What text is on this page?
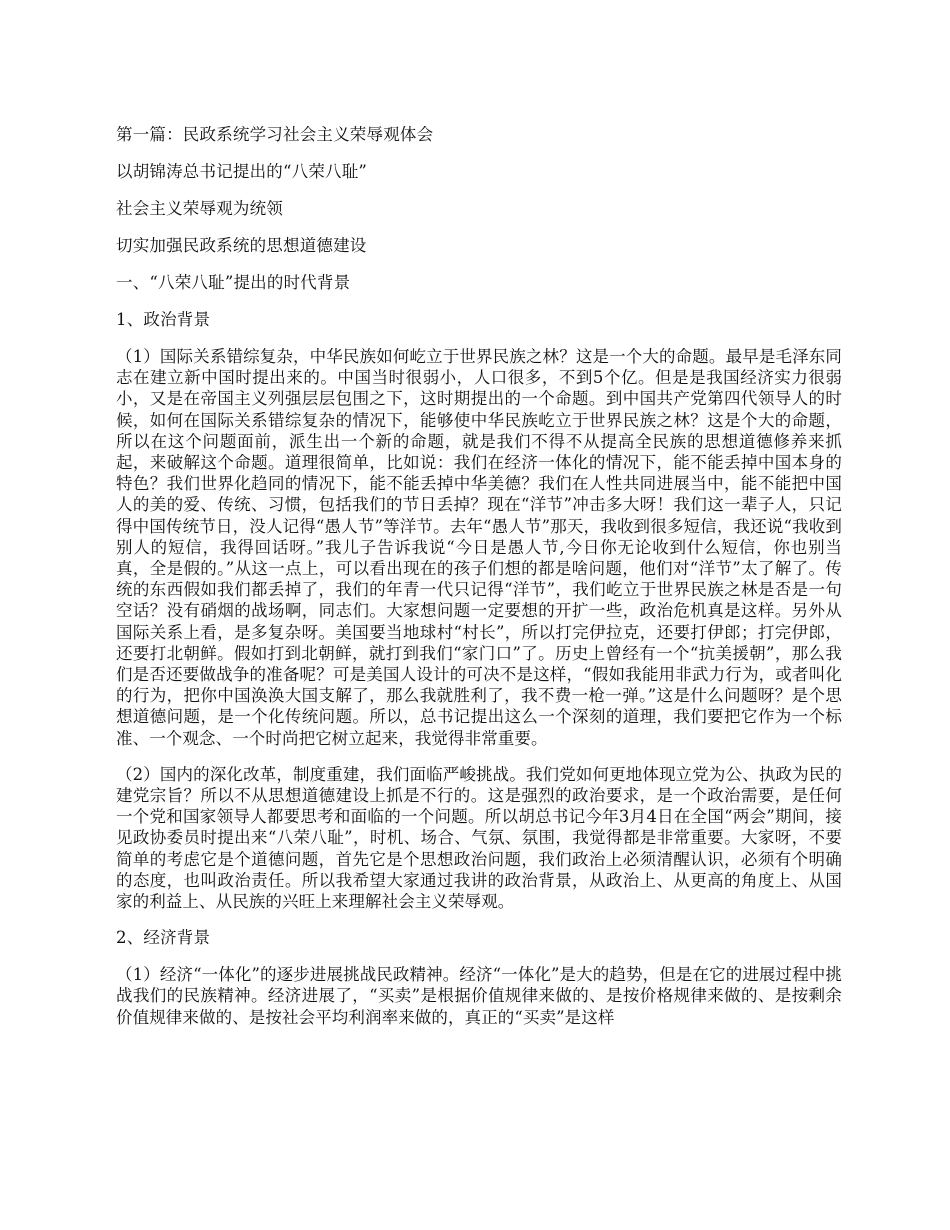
第一篇：民政系统学习社会主义荣辱观体会
以胡锦涛总书记提出的“八荣八耻”
社会主义荣辱观为统领
切实加强民政系统的思想道德建设
一、“八荣八耻”提出的时代背景
1、政治背景

（1）国际关系错综复杂，中华民族如何屹立于世界民族之林？这是一个大的命题。最早是毛泽东同志在建立新中国时提出来的。中国当时很弱小，人口很多，不到5个亿。但是是我国经济实力很弱小，又是在帝国主义列强层层包围之下，这时期提出的一个命题。到中国共产党第四代领导人的时候，如何在国际关系错综复杂的情况下，能够使中华民族屹立于世界民族之林？这是个大的命题，所以在这个问题面前，派生出一个新的命题，就是我们不得不从提高全民族的思想道德修养来抓起，来破解这个命题。道理很简单，比如说：我们在经济一体化的情况下，能不能丢掉中国本身的特色？我们世界化趋同的情况下，能不能丢掉中华美德？我们在人性共同进展当中，能不能把中国人的美的爱、传统、习惯，包括我们的节日丢掉？现在“洋节”冲击多大呀！我们这一辈子人，只记得中国传统节日，没人记得“愚人节”等洋节。去年“愚人节”那天，我收到很多短信，我还说“我收到别人的短信，我得回话呀。”我儿子告诉我说“今日是愚人节,今日你无论收到什么短信，你也别当真，全是假的。”从这一点上，可以看出现在的孩子们想的都是啥问题，他们对“洋节”太了解了。传统的东西假如我们都丢掉了，我们的年青一代只记得“洋节”，我们屹立于世界民族之林是否是一句空话？没有硝烟的战场啊，同志们。大家想问题一定要想的开扩一些，政治危机真是这样。另外从国际关系上看，是多复杂呀。美国要当地球村“村长”，所以打完伊拉克，还要打伊郎；打完伊郎，还要打北朝鲜。假如打到北朝鲜，就打到我们“家门口”了。历史上曾经有一个“抗美援朝”，那么我们是否还要做战争的准备呢？可是美国人设计的可决不是这样，“假如我能用非武力行为，或者叫化的行为，把你中国涣涣大国支解了，那么我就胜利了，我不费一枪一弹。”这是什么问题呀？是个思想道德问题，是一个化传统问题。所以，总书记提出这么一个深刻的道理，我们要把它作为一个标准、一个观念、一个时尚把它树立起来，我觉得非常重要。

（2）国内的深化改革，制度重建，我们面临严峻挑战。我们党如何更地体现立党为公、执政为民的建党宗旨？所以不从思想道德建设上抓是不行的。这是强烈的政治要求，是一个政治需要，是任何一个党和国家领导人都要思考和面临的一个问题。所以胡总书记今年3月4日在全国“两会”期间，接见政协委员时提出来“八荣八耻”，时机、场合、气氛、氛围，我觉得都是非常重要。大家呀，不要简单的考虑它是个道德问题，首先它是个思想政治问题，我们政治上必须清醒认识，必须有个明确的态度，也叫政治责任。所以我希望大家通过我讲的政治背景，从政治上、从更高的角度上、从国家的利益上、从民族的兴旺上来理解社会主义荣辱观。

2、经济背景

（1）经济“一体化”的逐步进展挑战民政精神。经济“一体化”是大的趋势，但是在它的进展过程中挑战我们的民族精神。经济进展了，“买卖”是根据价值规律来做的、是按价格规律来做的、是按剩余价值规律来做的、是按社会平均利润率来做的，真正的“买卖”是这样
